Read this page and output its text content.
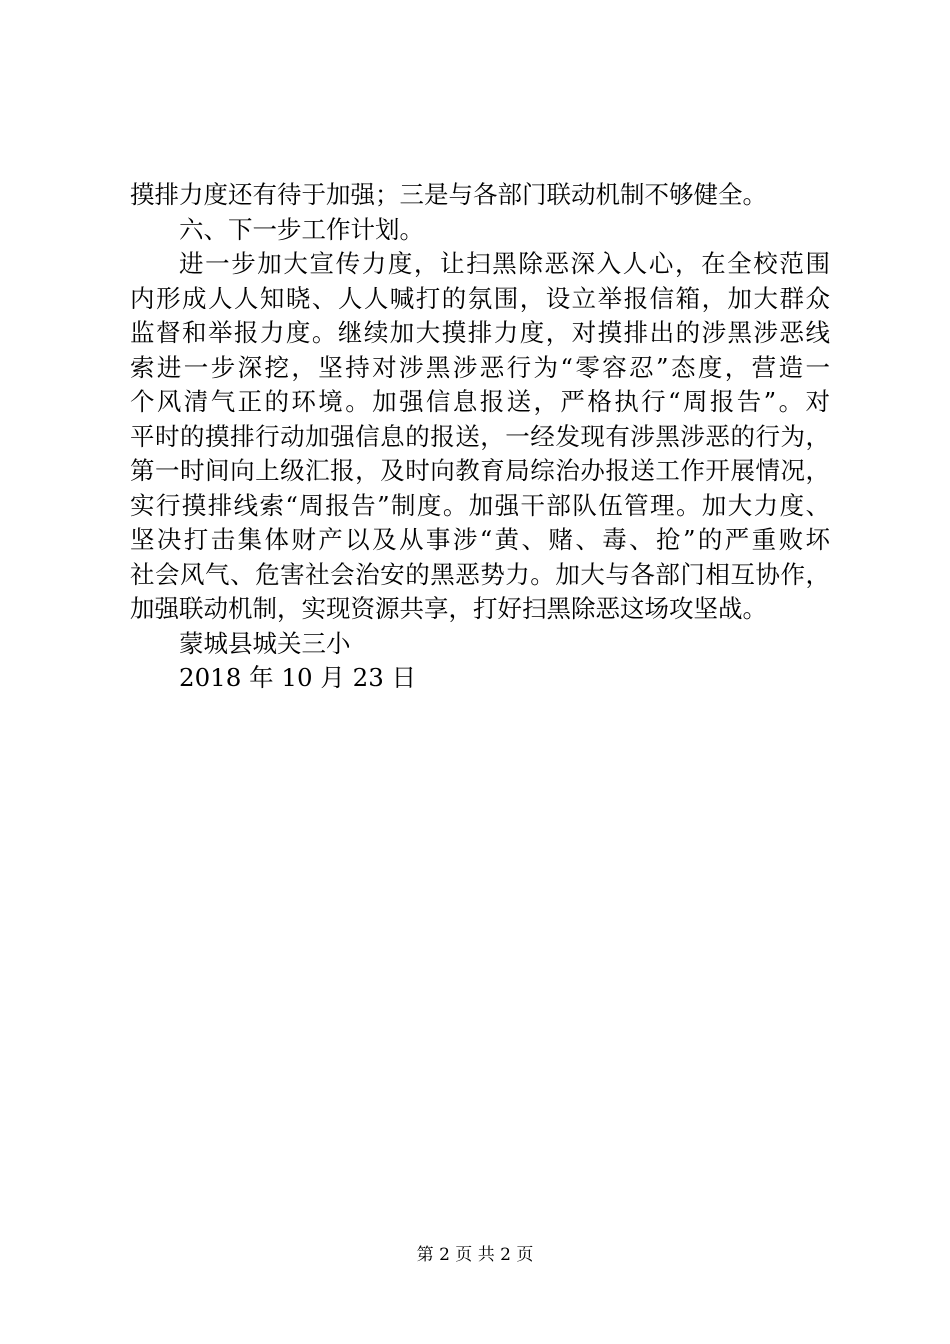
摸排力度还有待于加强；三是与各部门联动机制不够健全。
六、下一步工作计划。
进一步加大宣传力度，让扫黑除恶深入人心，在全校范围
内形成人人知晓、人人喊打的氛围，设立举报信箱，加大群众
监督和举报力度。继续加大摸排力度，对摸排出的涉黑涉恶线
索进一步深挖，坚持对涉黑涉恶行为“零容忍”态度，营造一
个风清气正的环境。加强信息报送，严格执行“周报告”。对
平时的摸排行动加强信息的报送，一经发现有涉黑涉恶的行为，
第一时间向上级汇报，及时向教育局综治办报送工作开展情况，
实行摸排线索“周报告”制度。加强干部队伍管理。加大力度、
坚决打击集体财产以及从事涉“黄、赌、毒、抢”的严重败坏
社会风气、危害社会治安的黑恶势力。加大与各部门相互协作，
加强联动机制，实现资源共享，打好扫黑除恶这场攻坚战。
蒙城县城关三小
2018 年 10 月 23 日
第 2 页 共 2 页
